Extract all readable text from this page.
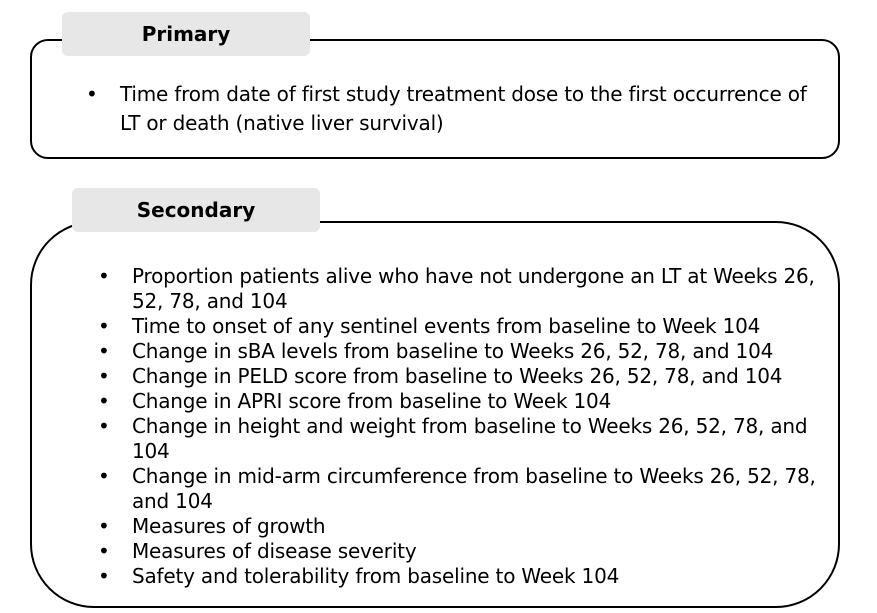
Primary
• Time from date of first study treatment dose to the first occurrence of LT or death (native liver survival)
Secondary
• Proportion patients alive who have not undergone an LT at Weeks 26, 52, 78, and 104
• Time to onset of any sentinel events from baseline to Week 104
• Change in sBA levels from baseline to Weeks 26, 52, 78, and 104
• Change in PELD score from baseline to Weeks 26, 52, 78, and 104
• Change in APRI score from baseline to Week 104
• Change in height and weight from baseline to Weeks 26, 52, 78, and 104
• Change in mid-arm circumference from baseline to Weeks 26, 52, 78, and 104
• Measures of growth
• Measures of disease severity
• Safety and tolerability from baseline to Week 104
